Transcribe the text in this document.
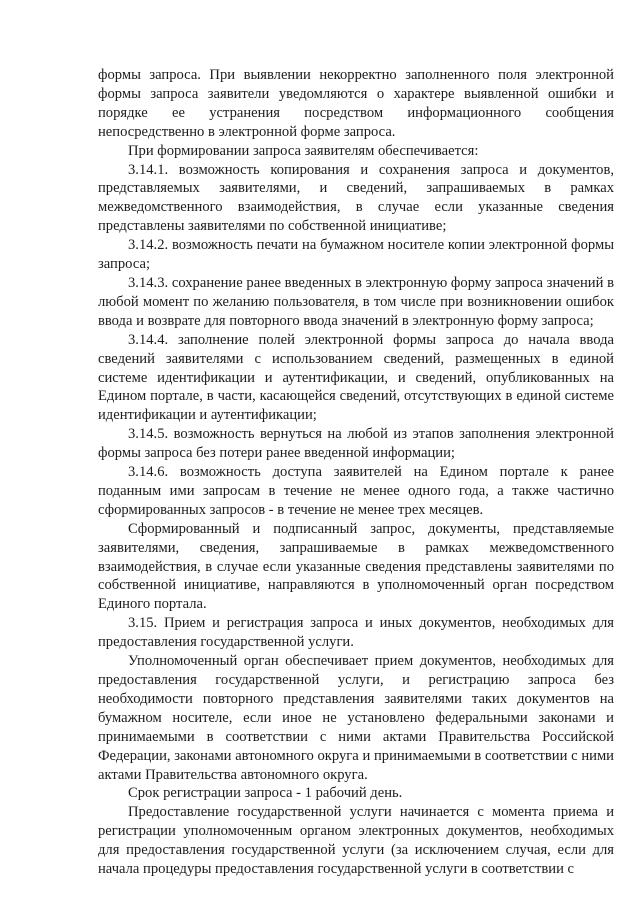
формы запроса. При выявлении некорректно заполненного поля электронной формы запроса заявители уведомляются о характере выявленной ошибки и порядке ее устранения посредством информационного сообщения непосредственно в электронной форме запроса.

При формировании запроса заявителям обеспечивается:

3.14.1. возможность копирования и сохранения запроса и документов, представляемых заявителями, и сведений, запрашиваемых в рамках межведомственного взаимодействия, в случае если указанные сведения представлены заявителями по собственной инициативе;

3.14.2. возможность печати на бумажном носителе копии электронной формы запроса;

3.14.3. сохранение ранее введенных в электронную форму запроса значений в любой момент по желанию пользователя, в том числе при возникновении ошибок ввода и возврате для повторного ввода значений в электронную форму запроса;

3.14.4. заполнение полей электронной формы запроса до начала ввода сведений заявителями с использованием сведений, размещенных в единой системе идентификации и аутентификации, и сведений, опубликованных на Едином портале, в части, касающейся сведений, отсутствующих в единой системе идентификации и аутентификации;

3.14.5. возможность вернуться на любой из этапов заполнения электронной формы запроса без потери ранее введенной информации;

3.14.6. возможность доступа заявителей на Едином портале к ранее поданным ими запросам в течение не менее одного года, а также частично сформированных запросов - в течение не менее трех месяцев.

Сформированный и подписанный запрос, документы, представляемые заявителями, сведения, запрашиваемые в рамках межведомственного взаимодействия, в случае если указанные сведения представлены заявителями по собственной инициативе, направляются в уполномоченный орган посредством Единого портала.

3.15. Прием и регистрация запроса и иных документов, необходимых для предоставления государственной услуги.

Уполномоченный орган обеспечивает прием документов, необходимых для предоставления государственной услуги, и регистрацию запроса без необходимости повторного представления заявителями таких документов на бумажном носителе, если иное не установлено федеральными законами и принимаемыми в соответствии с ними актами Правительства Российской Федерации, законами автономного округа и принимаемыми в соответствии с ними актами Правительства автономного округа.

Срок регистрации запроса - 1 рабочий день.

Предоставление государственной услуги начинается с момента приема и регистрации уполномоченным органом электронных документов, необходимых для предоставления государственной услуги (за исключением случая, если для начала процедуры предоставления государственной услуги в соответствии с
